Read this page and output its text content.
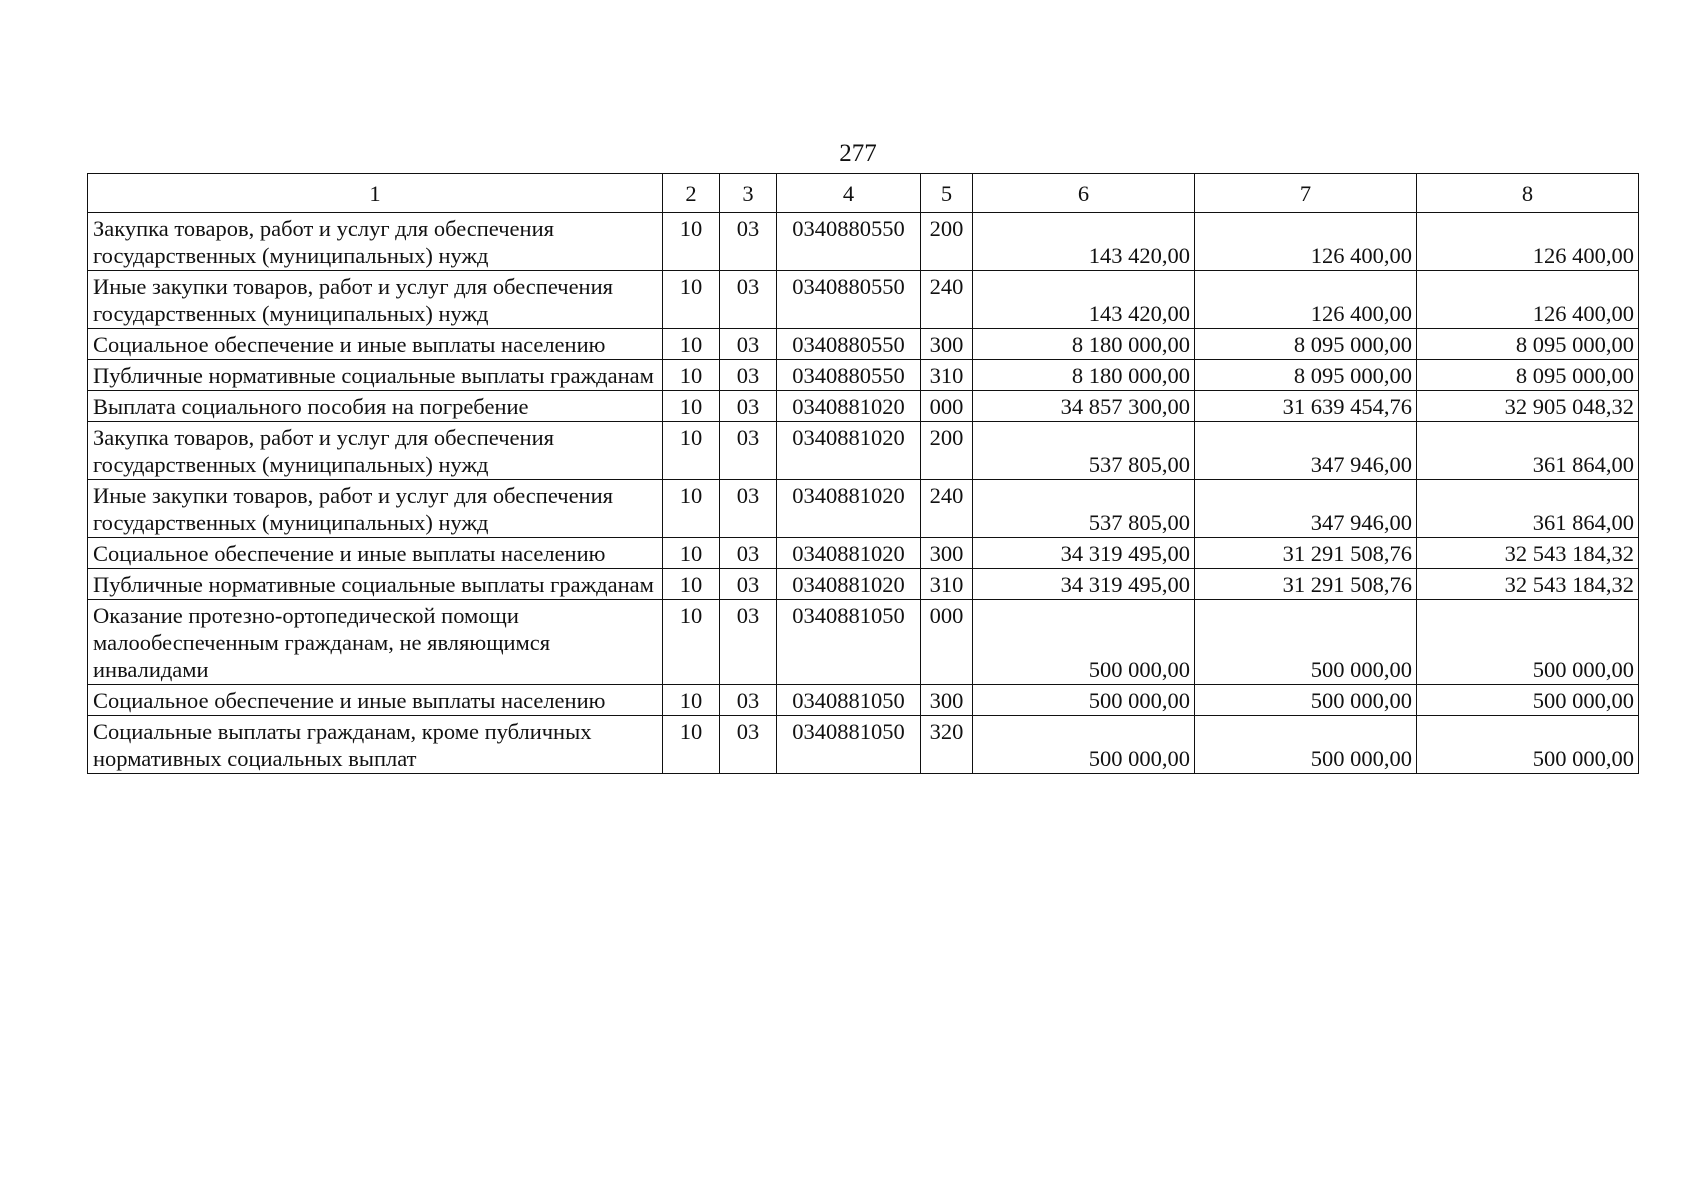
277
1	2	3	4	5	6	7	8
Закупка товаров, работ и услуг для обеспечения государственных (муниципальных) нужд	10	03	0340880550	200	143 420,00	126 400,00	126 400,00
Иные закупки товаров, работ и услуг для обеспечения государственных (муниципальных) нужд	10	03	0340880550	240	143 420,00	126 400,00	126 400,00
Социальное обеспечение и иные выплаты населению	10	03	0340880550	300	8 180 000,00	8 095 000,00	8 095 000,00
Публичные нормативные социальные выплаты гражданам	10	03	0340880550	310	8 180 000,00	8 095 000,00	8 095 000,00
Выплата социального пособия на погребение	10	03	0340881020	000	34 857 300,00	31 639 454,76	32 905 048,32
Закупка товаров, работ и услуг для обеспечения государственных (муниципальных) нужд	10	03	0340881020	200	537 805,00	347 946,00	361 864,00
Иные закупки товаров, работ и услуг для обеспечения государственных (муниципальных) нужд	10	03	0340881020	240	537 805,00	347 946,00	361 864,00
Социальное обеспечение и иные выплаты населению	10	03	0340881020	300	34 319 495,00	31 291 508,76	32 543 184,32
Публичные нормативные социальные выплаты гражданам	10	03	0340881020	310	34 319 495,00	31 291 508,76	32 543 184,32
Оказание протезно-ортопедической помощи малообеспеченным гражданам, не являющимся инвалидами	10	03	0340881050	000	500 000,00	500 000,00	500 000,00
Социальное обеспечение и иные выплаты населению	10	03	0340881050	300	500 000,00	500 000,00	500 000,00
Социальные выплаты гражданам, кроме публичных нормативных социальных выплат	10	03	0340881050	320	500 000,00	500 000,00	500 000,00
